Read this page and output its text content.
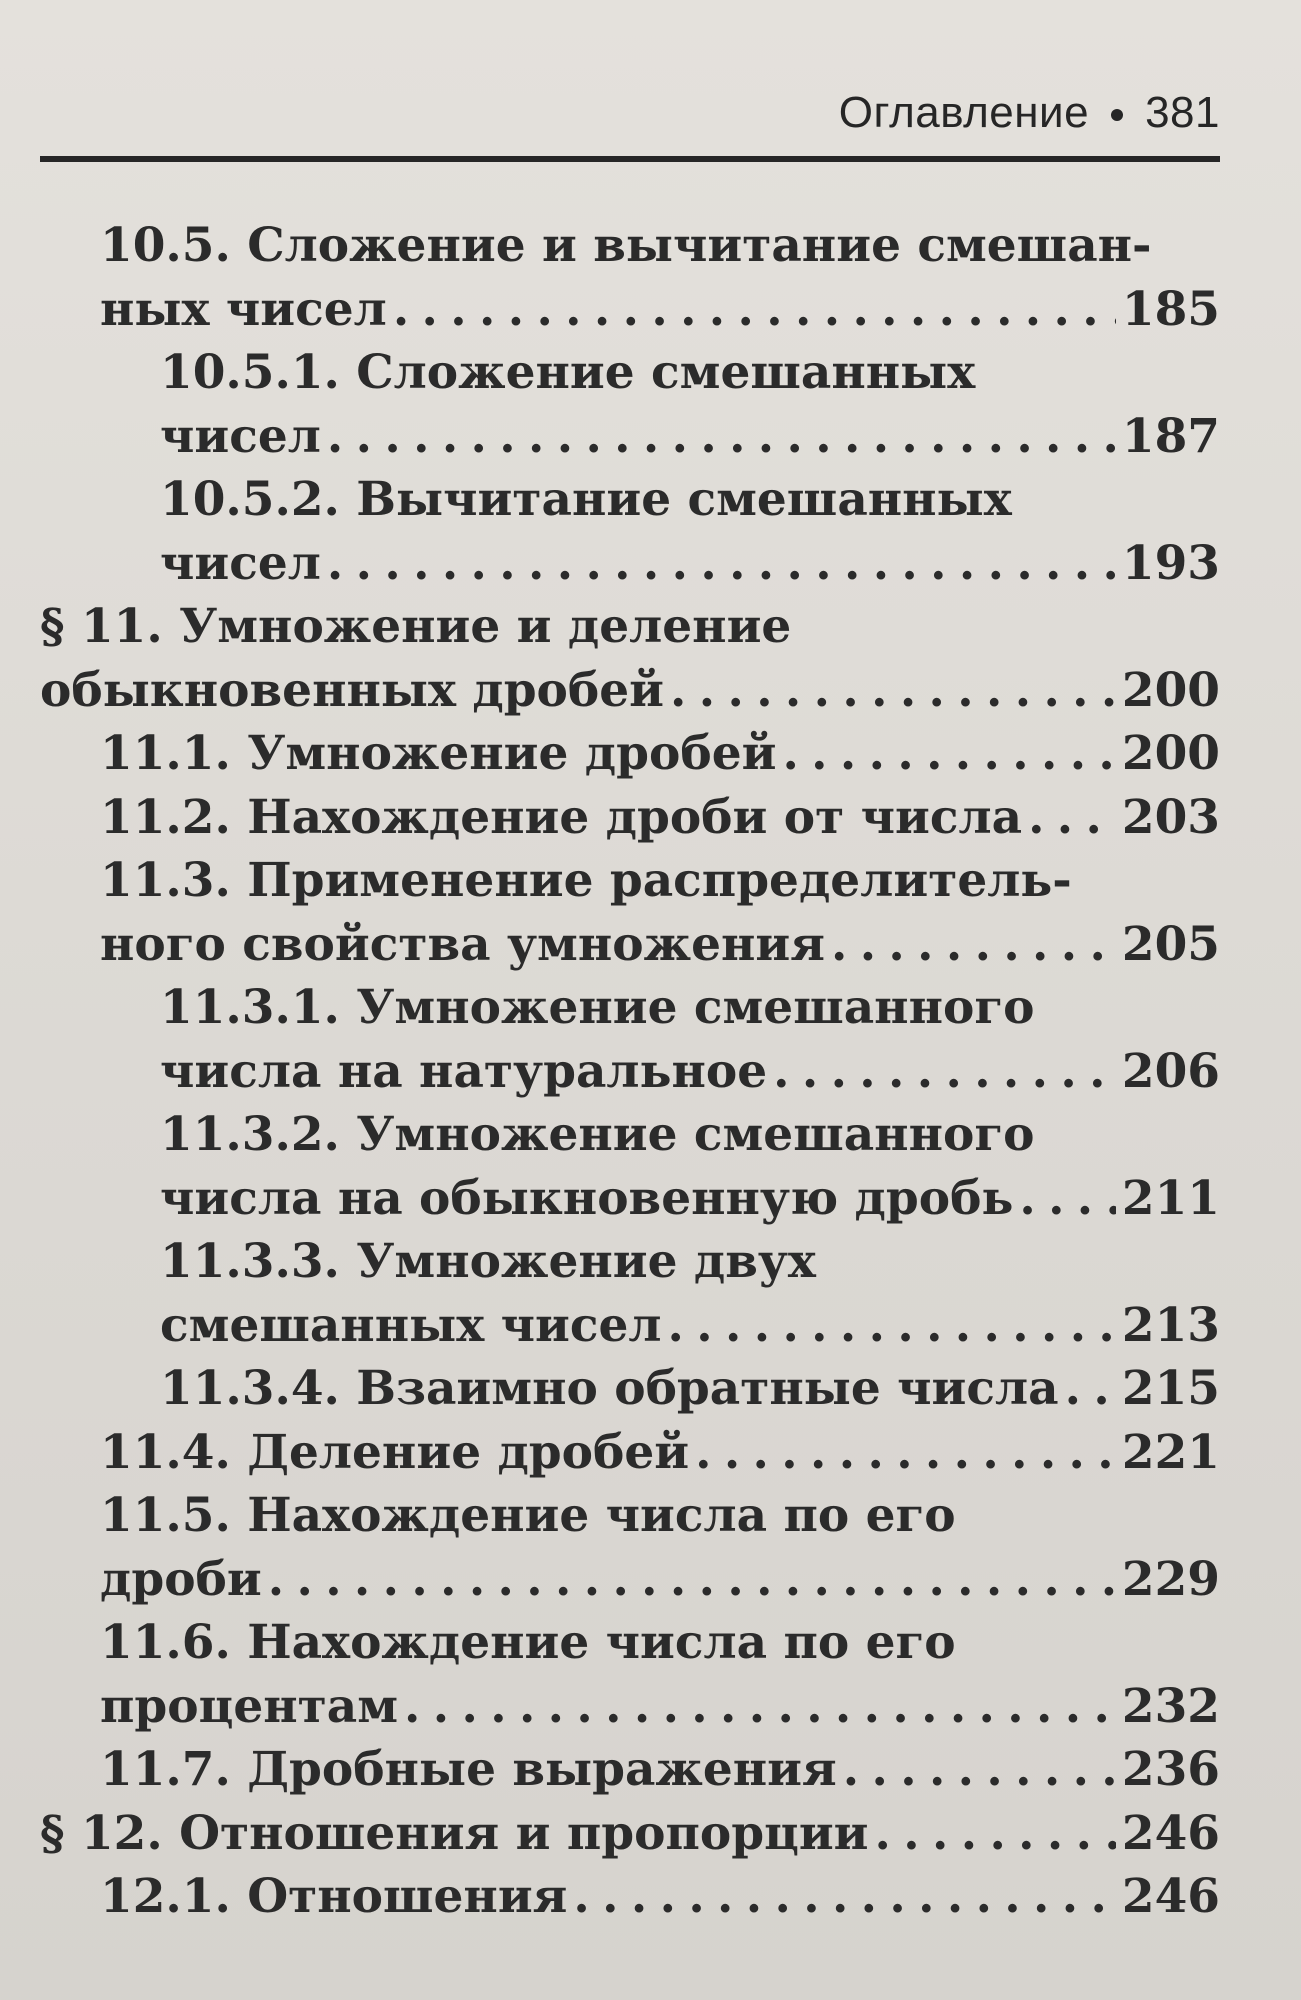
Оглавление 381
10.5. Сложение и вычитание смешан-
ных чисел . . .	185
10.5.1. Сложение смешанных
чисел . . .	187
10.5.2. Вычитание смешанных
чисел . . .	193
§ 11. Умножение и деление
обыкновенных дробей . . .	200
11.1. Умножение дробей . . .	200
11.2. Нахождение дроби от числа . . . 203
11.3. Применение распределитель-
ного свойства умножения . . .	205
11.3.1. Умножение смешанного
числа на натуральное . . .	206
11.3.2. Умножение смешанного
числа на обыкновенную дробь . . . 211
11.3.3. Умножение двух
смешанных чисел . . .	213
11.3.4. Взаимно обратные числа . . . 215
11.4. Деление дробей . . .	221
11.5. Нахождение числа по его
дроби . . .	229
11.6. Нахождение числа по его
процентам . . .	232
11.7. Дробные выражения . . .	236
§ 12. Отношения и пропорции . . .	246
12.1. Отношения . . .	246
